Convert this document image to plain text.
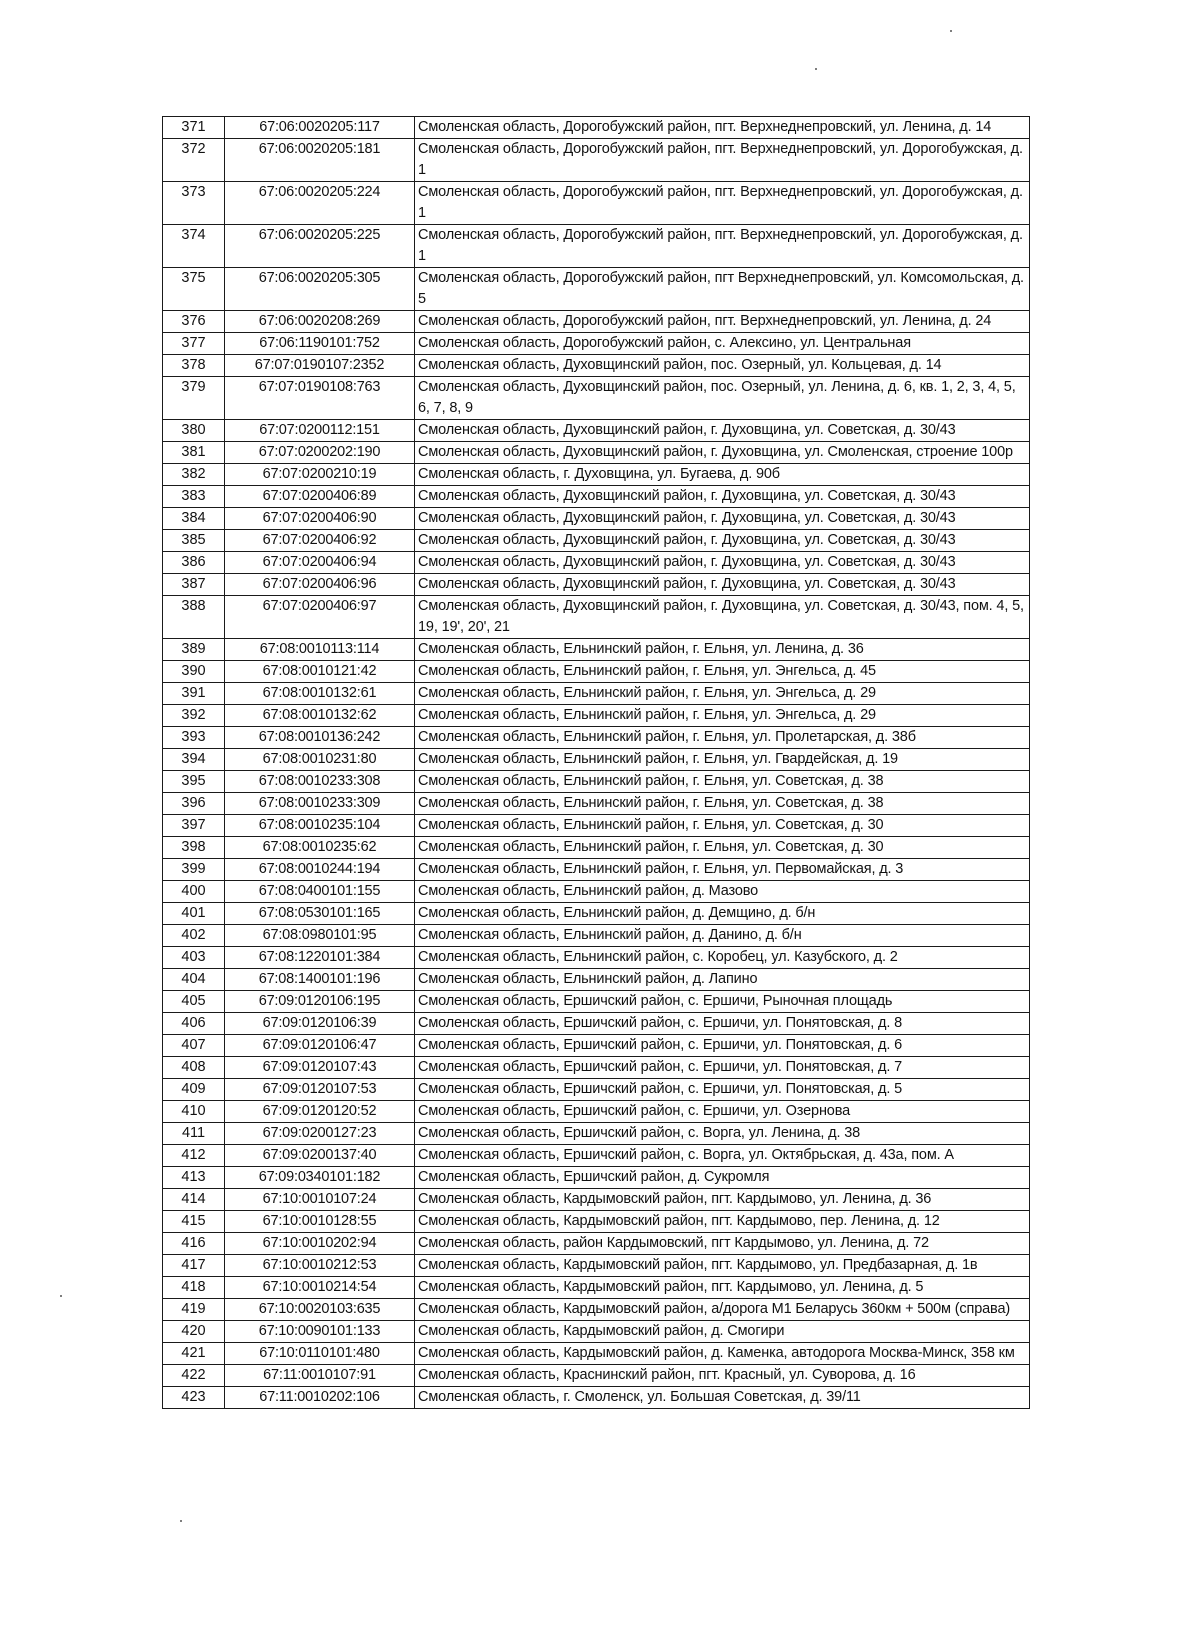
371	67:06:0020205:117	Смоленская область, Дорогобужский район, пгт. Верхнеднепровский, ул. Ленина, д. 14
372	67:06:0020205:181	Смоленская область, Дорогобужский район, пгт. Верхнеднепровский, ул. Дорогобужская, д. 1
373	67:06:0020205:224	Смоленская область, Дорогобужский район, пгт. Верхнеднепровский, ул. Дорогобужская, д. 1
374	67:06:0020205:225	Смоленская область, Дорогобужский район, пгт. Верхнеднепровский, ул. Дорогобужская, д. 1
375	67:06:0020205:305	Смоленская область, Дорогобужский район, пгт Верхнеднепровский, ул. Комсомольская, д. 5
376	67:06:0020208:269	Смоленская область, Дорогобужский район, пгт. Верхнеднепровский, ул. Ленина, д. 24
377	67:06:1190101:752	Смоленская область, Дорогобужский район, с. Алексино, ул. Центральная
378	67:07:0190107:2352	Смоленская область, Духовщинский район, пос. Озерный, ул. Кольцевая, д. 14
379	67:07:0190108:763	Смоленская область, Духовщинский район, пос. Озерный, ул. Ленина, д. 6, кв. 1, 2, 3, 4, 5, 6, 7, 8, 9
380	67:07:0200112:151	Смоленская область, Духовщинский район, г. Духовщина, ул. Советская, д. 30/43
381	67:07:0200202:190	Смоленская область, Духовщинский район, г. Духовщина, ул. Смоленская, строение 100р
382	67:07:0200210:19	Смоленская область, г. Духовщина, ул. Бугаева, д. 90б
383	67:07:0200406:89	Смоленская область, Духовщинский район, г. Духовщина, ул. Советская, д. 30/43
384	67:07:0200406:90	Смоленская область, Духовщинский район, г. Духовщина, ул. Советская, д. 30/43
385	67:07:0200406:92	Смоленская область, Духовщинский район, г. Духовщина, ул. Советская, д. 30/43
386	67:07:0200406:94	Смоленская область, Духовщинский район, г. Духовщина, ул. Советская, д. 30/43
387	67:07:0200406:96	Смоленская область, Духовщинский район, г. Духовщина, ул. Советская, д. 30/43
388	67:07:0200406:97	Смоленская область, Духовщинский район, г. Духовщина, ул. Советская, д. 30/43, пом. 4, 5, 19, 19', 20', 21
389	67:08:0010113:114	Смоленская область, Ельнинский район, г. Ельня, ул. Ленина, д. 36
390	67:08:0010121:42	Смоленская область, Ельнинский район, г. Ельня, ул. Энгельса, д. 45
391	67:08:0010132:61	Смоленская область, Ельнинский район, г. Ельня, ул. Энгельса, д. 29
392	67:08:0010132:62	Смоленская область, Ельнинский район, г. Ельня, ул. Энгельса, д. 29
393	67:08:0010136:242	Смоленская область, Ельнинский район, г. Ельня, ул. Пролетарская, д. 38б
394	67:08:0010231:80	Смоленская область, Ельнинский район, г. Ельня, ул. Гвардейская, д. 19
395	67:08:0010233:308	Смоленская область, Ельнинский район, г. Ельня, ул. Советская, д. 38
396	67:08:0010233:309	Смоленская область, Ельнинский район, г. Ельня, ул. Советская, д. 38
397	67:08:0010235:104	Смоленская область, Ельнинский район, г. Ельня, ул. Советская, д. 30
398	67:08:0010235:62	Смоленская область, Ельнинский район, г. Ельня, ул. Советская, д. 30
399	67:08:0010244:194	Смоленская область, Ельнинский район, г. Ельня, ул. Первомайская, д. 3
400	67:08:0400101:155	Смоленская область, Ельнинский район, д. Мазово
401	67:08:0530101:165	Смоленская область, Ельнинский район, д. Демщино, д. б/н
402	67:08:0980101:95	Смоленская область, Ельнинский район, д. Данино, д. б/н
403	67:08:1220101:384	Смоленская область, Ельнинский район, с. Коробец, ул. Казубского, д. 2
404	67:08:1400101:196	Смоленская область, Ельнинский район, д. Лапино
405	67:09:0120106:195	Смоленская область, Ершичский район, с. Ершичи, Рыночная площадь
406	67:09:0120106:39	Смоленская область, Ершичский район, с. Ершичи, ул. Понятовская, д. 8
407	67:09:0120106:47	Смоленская область, Ершичский район, с. Ершичи, ул. Понятовская, д. 6
408	67:09:0120107:43	Смоленская область, Ершичский район, с. Ершичи, ул. Понятовская, д. 7
409	67:09:0120107:53	Смоленская область, Ершичский район, с. Ершичи, ул. Понятовская, д. 5
410	67:09:0120120:52	Смоленская область, Ершичский район, с. Ершичи, ул. Озернова
411	67:09:0200127:23	Смоленская область, Ершичский район, с. Ворга, ул. Ленина, д. 38
412	67:09:0200137:40	Смоленская область, Ершичский район, с. Ворга, ул. Октябрьская, д. 43а, пом. А
413	67:09:0340101:182	Смоленская область, Ершичский район, д. Сукромля
414	67:10:0010107:24	Смоленская область, Кардымовский район, пгт. Кардымово, ул. Ленина, д. 36
415	67:10:0010128:55	Смоленская область, Кардымовский район, пгт. Кардымово, пер. Ленина, д. 12
416	67:10:0010202:94	Смоленская область, район Кардымовский, пгт Кардымово, ул. Ленина, д. 72
417	67:10:0010212:53	Смоленская область, Кардымовский район, пгт. Кардымово, ул. Предбазарная, д. 1в
418	67:10:0010214:54	Смоленская область, Кардымовский район, пгт. Кардымово, ул. Ленина, д. 5
419	67:10:0020103:635	Смоленская область, Кардымовский район, а/дорога М1 Беларусь 360км + 500м (справа)
420	67:10:0090101:133	Смоленская область, Кардымовский район, д. Смогири
421	67:10:0110101:480	Смоленская область, Кардымовский район, д. Каменка, автодорога Москва-Минск, 358 км
422	67:11:0010107:91	Смоленская область, Краснинский район, пгт. Красный, ул. Суворова, д. 16
423	67:11:0010202:106	Смоленская область, г. Смоленск, ул. Большая Советская, д. 39/11
